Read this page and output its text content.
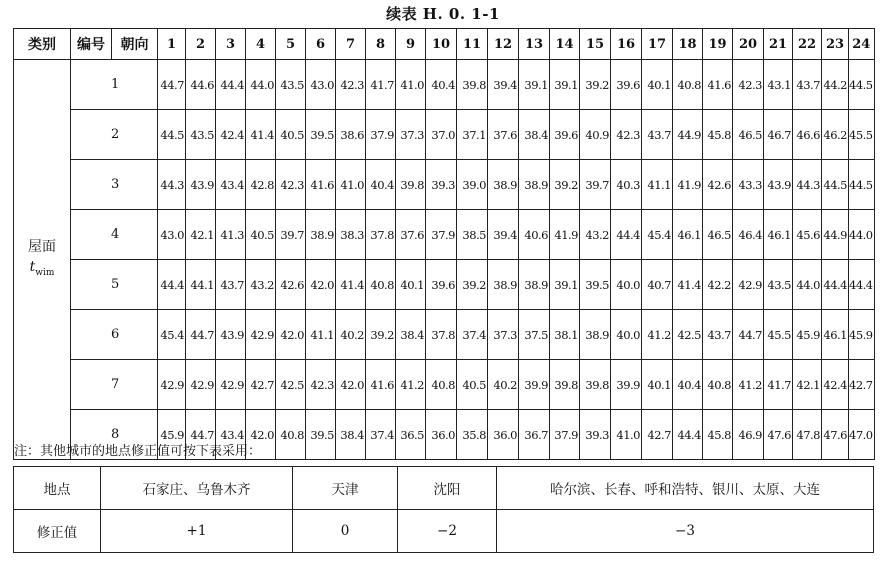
续表 H. 0. 1-1
类别	编号	朝向	1	2	3	4	5	6	7	8	9	10	11	12	13	14	15	16	17	18	19	20	21	22	23	24

屋面
$t_{wim}$	1		44.7	44.6	44.4	44.0	43.5	43.0	42.3	41.7	41.0	40.4	39.8	39.4	39.1	39.1	39.2	39.6	40.1	40.8	41.6	42.3	43.1	43.7	44.2	44.5
	2		44.5	43.5	42.4	41.4	40.5	39.5	38.6	37.9	37.3	37.0	37.1	37.6	38.4	39.6	40.9	42.3	43.7	44.9	45.8	46.5	46.7	46.6	46.2	45.5
	3		44.3	43.9	43.4	42.8	42.3	41.6	41.0	40.4	39.8	39.3	39.0	38.9	38.9	39.2	39.7	40.3	41.1	41.9	42.6	43.3	43.9	44.3	44.5	44.5
	4		43.0	42.1	41.3	40.5	39.7	38.9	38.3	37.8	37.6	37.9	38.5	39.4	40.6	41.9	43.2	44.4	45.4	46.1	46.5	46.4	46.1	45.6	44.9	44.0
	5		44.4	44.1	43.7	43.2	42.6	42.0	41.4	40.8	40.1	39.6	39.2	38.9	38.9	39.1	39.5	40.0	40.7	41.4	42.2	42.9	43.5	44.0	44.4	44.4
	6		45.4	44.7	43.9	42.9	42.0	41.1	40.2	39.2	38.4	37.8	37.4	37.3	37.5	38.1	38.9	40.0	41.2	42.5	43.7	44.7	45.5	45.9	46.1	45.9
	7		42.9	42.9	42.9	42.7	42.5	42.3	42.0	41.6	41.2	40.8	40.5	40.2	39.9	39.8	39.8	39.9	40.1	40.4	40.8	41.2	41.7	42.1	42.4	42.7
	8		45.9	44.7	43.4	42.0	40.8	39.5	38.4	37.4	36.5	36.0	35.8	36.0	36.7	37.9	39.3	41.0	42.7	44.4	45.8	46.9	47.6	47.8	47.6	47.0
注：其他城市的地点修正值可按下表采用：
地点	石家庄、乌鲁木齐	天津	沈阳	哈尔滨、长春、呼和浩特、银川、太原、大连
修正值	+1	0	−2	−3
